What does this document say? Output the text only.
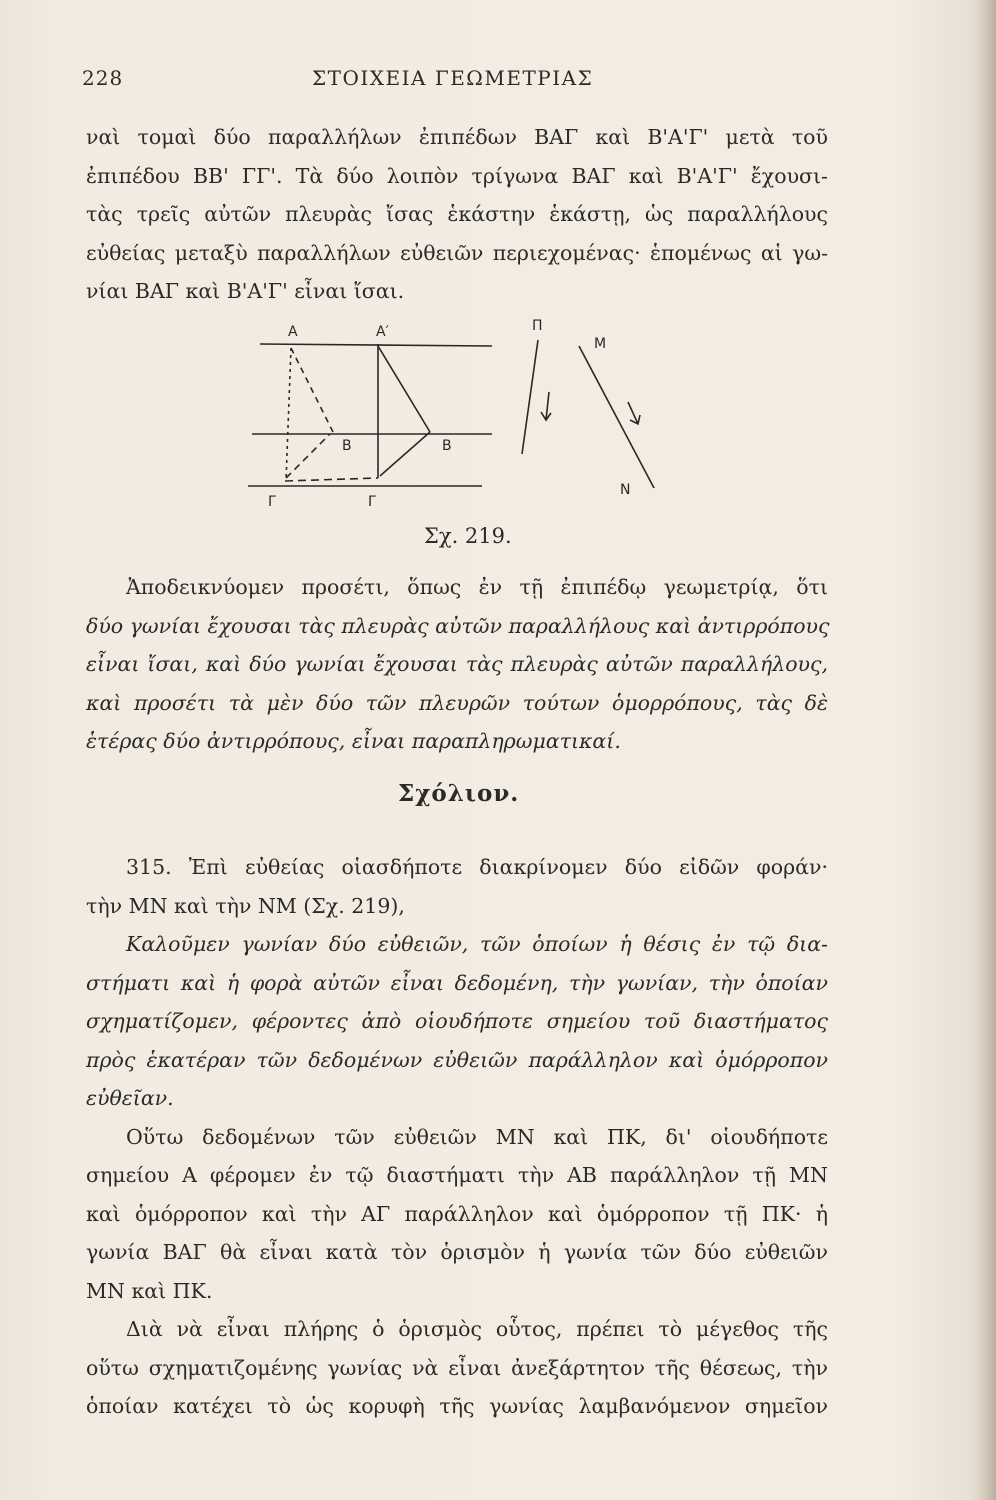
228	ΣΤΟΙΧΕΙΑ ΓΕΩΜΕΤΡΙΑΣ
ναὶ τομαὶ δύο παραλλήλων ἐπιπέδων ΒΑΓ καὶ Β'Α'Γ' μετὰ τοῦ
ἐπιπέδου ΒΒ' ΓΓ'. Τὰ δύο λοιπὸν τρίγωνα ΒΑΓ καὶ Β'Α'Γ' ἔχουσι-
τὰς τρεῖς αὐτῶν πλευρὰς ἴσας ἑκάστην ἑκάστῃ, ὡς παραλλήλους
εὐθείας μεταξὺ παραλλήλων εὐθειῶν περιεχομένας· ἑπομένως αἱ γω-
νίαι ΒΑΓ καὶ Β'Α'Γ' εἶναι ἴσαι.
Α	Α′
Β	Β
Γ	Γ
Π
Μ
Ν
Σχ. 219.
Ἀποδεικνύομεν προσέτι, ὅπως ἐν τῇ ἐπιπέδῳ γεωμετρίᾳ, ὅτι
δύο γωνίαι ἔχουσαι τὰς πλευρὰς αὐτῶν παραλλήλους καὶ ἀντιρρόπους
εἶναι ἴσαι, καὶ δύο γωνίαι ἔχουσαι τὰς πλευρὰς αὐτῶν παραλλήλους,
καὶ προσέτι τὰ μὲν δύο τῶν πλευρῶν τούτων ὁμορρόπους, τὰς δὲ
ἑτέρας δύο ἀντιρρόπους, εἶναι παραπληρωματικαί.
Σχόλιον.
315. Ἐπὶ εὐθείας οἱασδήποτε διακρίνομεν δύο εἰδῶν φοράν·
τὴν ΜΝ καὶ τὴν ΝΜ (Σχ. 219),
Καλοῦμεν γωνίαν δύο εὐθειῶν, τῶν ὁποίων ἡ θέσις ἐν τῷ δια-
στήματι καὶ ἡ φορὰ αὐτῶν εἶναι δεδομένη, τὴν γωνίαν, τὴν ὁποίαν
σχηματίζομεν, φέροντες ἀπὸ οἱουδήποτε σημείου τοῦ διαστήματος
πρὸς ἑκατέραν τῶν δεδομένων εὐθειῶν παράλληλον καὶ ὁμόρροπον
εὐθεῖαν.
Οὕτω δεδομένων τῶν εὐθειῶν ΜΝ καὶ ΠΚ, δι' οἱουδήποτε
σημείου Α φέρομεν ἐν τῷ διαστήματι τὴν ΑΒ παράλληλον τῇ ΜΝ
καὶ ὁμόρροπον καὶ τὴν ΑΓ παράλληλον καὶ ὁμόρροπον τῇ ΠΚ· ἡ
γωνία ΒΑΓ θὰ εἶναι κατὰ τὸν ὁρισμὸν ἡ γωνία τῶν δύο εὐθειῶν
ΜΝ καὶ ΠΚ.
Διὰ νὰ εἶναι πλήρης ὁ ὁρισμὸς οὗτος, πρέπει τὸ μέγεθος τῆς
οὕτω σχηματιζομένης γωνίας νὰ εἶναι ἀνεξάρτητον τῆς θέσεως, τὴν
ὁποίαν κατέχει τὸ ὡς κορυφὴ τῆς γωνίας λαμβανόμενον σημεῖον
